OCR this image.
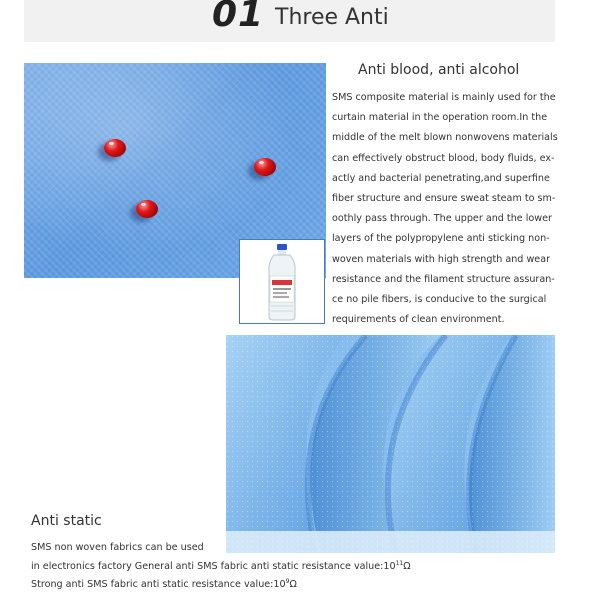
01 Three Anti
Anti blood, anti alcohol

SMS composite material is mainly used for the
curtain material in the operation room.In the
middle of the melt blown nonwovens materials
can effectively obstruct blood, body fluids, ex-
actly and bacterial penetrating,and superfine
fiber structure and ensure sweat steam to sm-
oothly pass through. The upper and the lower
layers of the polypropylene anti sticking non-
woven materials with high strength and wear
resistance and the filament structure assuran-
ce no pile fibers, is conducive to the surgical
requirements of clean environment.

Anti static
SMS non woven fabrics can be used
in electronics factory General anti SMS fabric anti static resistance $value:10^{11}\Omega$
Strong anti SMS fabric anti static resistance $value:10^9\Omega$
